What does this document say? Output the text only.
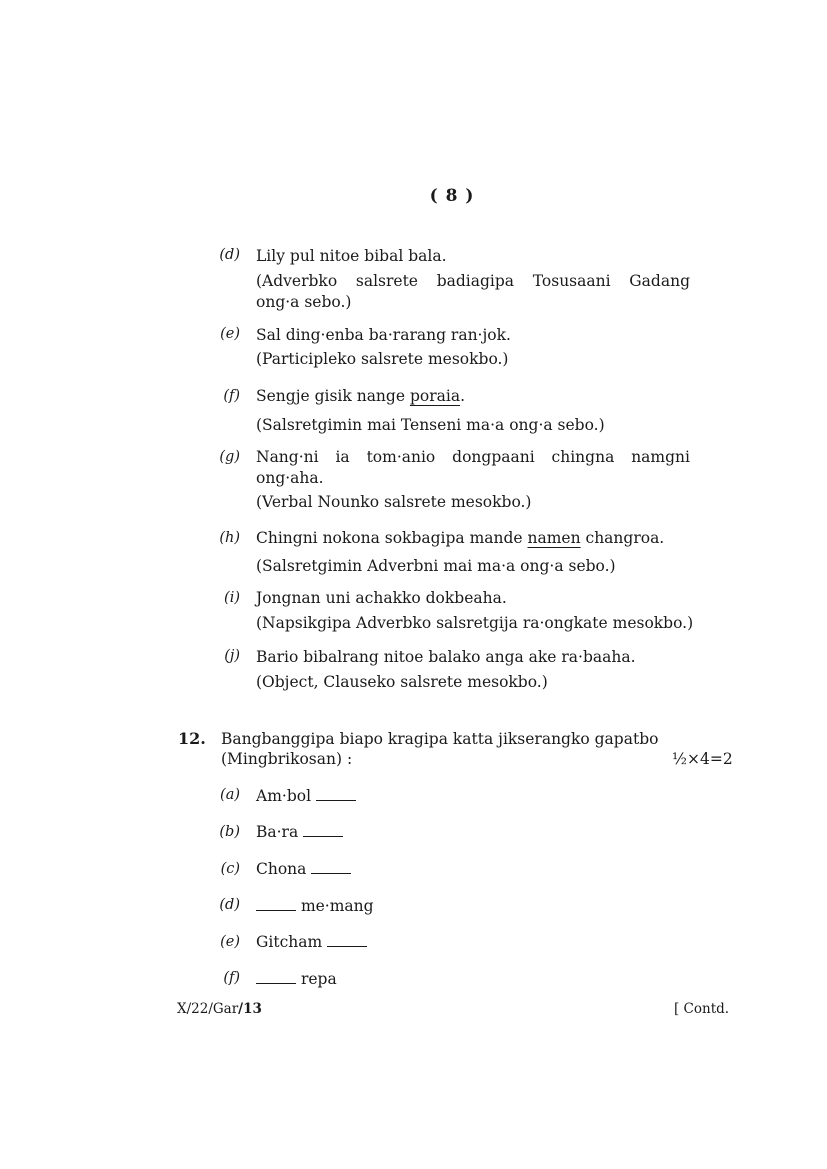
( 8 )
(d) Lily pul nitoe bibal bala.
(Adverbko salsrete badiagipa Tosusaani Gadang
ong·a sebo.)
(e) Sal ding·enba ba·rarang ran·jok.
(Participleko salsrete mesokbo.)
(f) Sengje gisik nange poraia.
(Salsretgimin mai Tenseni ma·a ong·a sebo.)
(g) Nang·ni ia tom·anio dongpaani chingna namgni
ong·aha.
(Verbal Nounko salsrete mesokbo.)
(h) Chingni nokona sokbagipa mande namen changroa.
(Salsretgimin Adverbni mai ma·a ong·a sebo.)
(i) Jongnan uni achakko dokbeaha.
(Napsikgipa Adverbko salsretgija ra·ongkate mesokbo.)
(j) Bario bibalrang nitoe balako anga ake ra·baaha.
(Object, Clauseko salsrete mesokbo.)
12. Bangbanggipa biapo kragipa katta jikserangko gapatbo
(Mingbrikosan) :	½×4=2
(a) Am·bol
(b) Ba·ra
(c) Chona
(d)	me·mang
(e) Gitcham
(f)	repa
X/22/Gar/13	[ Contd.
